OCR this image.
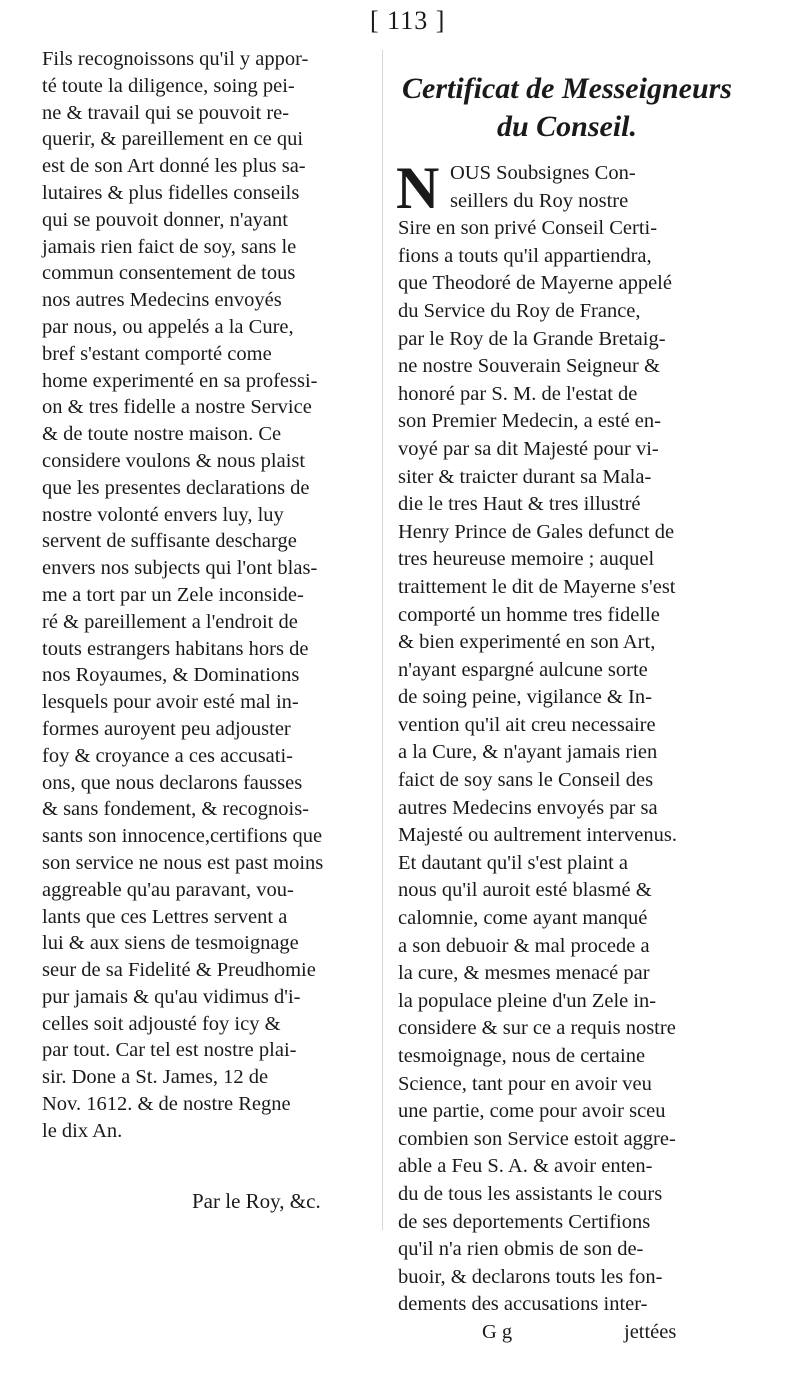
[ 113 ]
Fils recognoissons qu'il y appor-
té toute la diligence, soing pei-
ne & travail qui se pouvoit re-
querir, & pareillement en ce qui
est de son Art donné les plus sa-
lutaires & plus fidelles conseils
qui se pouvoit donner, n'ayant
jamais rien faict de soy, sans le
commun consentement de tous
nos autres Medecins envoyés
par nous, ou appelés a la Cure,
bref s'estant comporté come
home experimenté en sa professi-
on & tres fidelle a nostre Service
& de toute nostre maison. Ce
considere voulons & nous plaist
que les presentes declarations de
nostre volonté envers luy, luy
servent de suffisante descharge
envers nos subjects qui l'ont blas-
me a tort par un Zele inconside-
ré & pareillement a l'endroit de
touts estrangers habitans hors de
nos Royaumes, & Dominations
lesquels pour avoir esté mal in-
formes auroyent peu adjouster
foy & croyance a ces accusati-
ons, que nous declarons fausses
& sans fondement, & recognois-
sants son innocence,certifions que
son service ne nous est past moins
aggreable qu'au paravant, vou-
lants que ces Lettres servent a
lui & aux siens de tesmoignage
seur de sa Fidelité & Preudhomie
pur jamais & qu'au vidimus d'i-
celles soit adjousté foy icy &
par tout. Car tel est nostre plai-
sir. Done a St. James, 12 de
Nov. 1612. & de nostre Regne
le dix An.
Par le Roy, &c.
Certificat de Messeigneurs
du Conseil.
N OUS Soubsignes Con-
seillers du Roy nostre
Sire en son privé Conseil Certi-
fions a touts qu'il appartiendra,
que Theodoré de Mayerne appelé
du Service du Roy de France,
par le Roy de la Grande Bretaig-
ne nostre Souverain Seigneur &
honoré par S. M. de l'estat de
son Premier Medecin, a esté en-
voyé par sa dit Majesté pour vi-
siter & traicter durant sa Mala-
die le tres Haut & tres illustré
Henry Prince de Gales defunct de
tres heureuse memoire ; auquel
traittement le dit de Mayerne s'est
comporté un homme tres fidelle
& bien experimenté en son Art,
n'ayant espargné aulcune sorte
de soing peine, vigilance & In-
vention qu'il ait creu necessaire
a la Cure, & n'ayant jamais rien
faict de soy sans le Conseil des
autres Medecins envoyés par sa
Majesté ou aultrement intervenus.
Et dautant qu'il s'est plaint a
nous qu'il auroit esté blasmé &
calomnie, come ayant manqué
a son debuoir & mal procede a
la cure, & mesmes menacé par
la populace pleine d'un Zele in-
considere & sur ce a requis nostre
tesmoignage, nous de certaine
Science, tant pour en avoir veu
une partie, come pour avoir sceu
combien son Service estoit aggre-
able a Feu S. A. & avoir enten-
du de tous les assistants le cours
de ses deportements Certifions
qu'il n'a rien obmis de son de-
buoir, & declarons touts les fon-
dements des accusations inter-
G g	jettées
